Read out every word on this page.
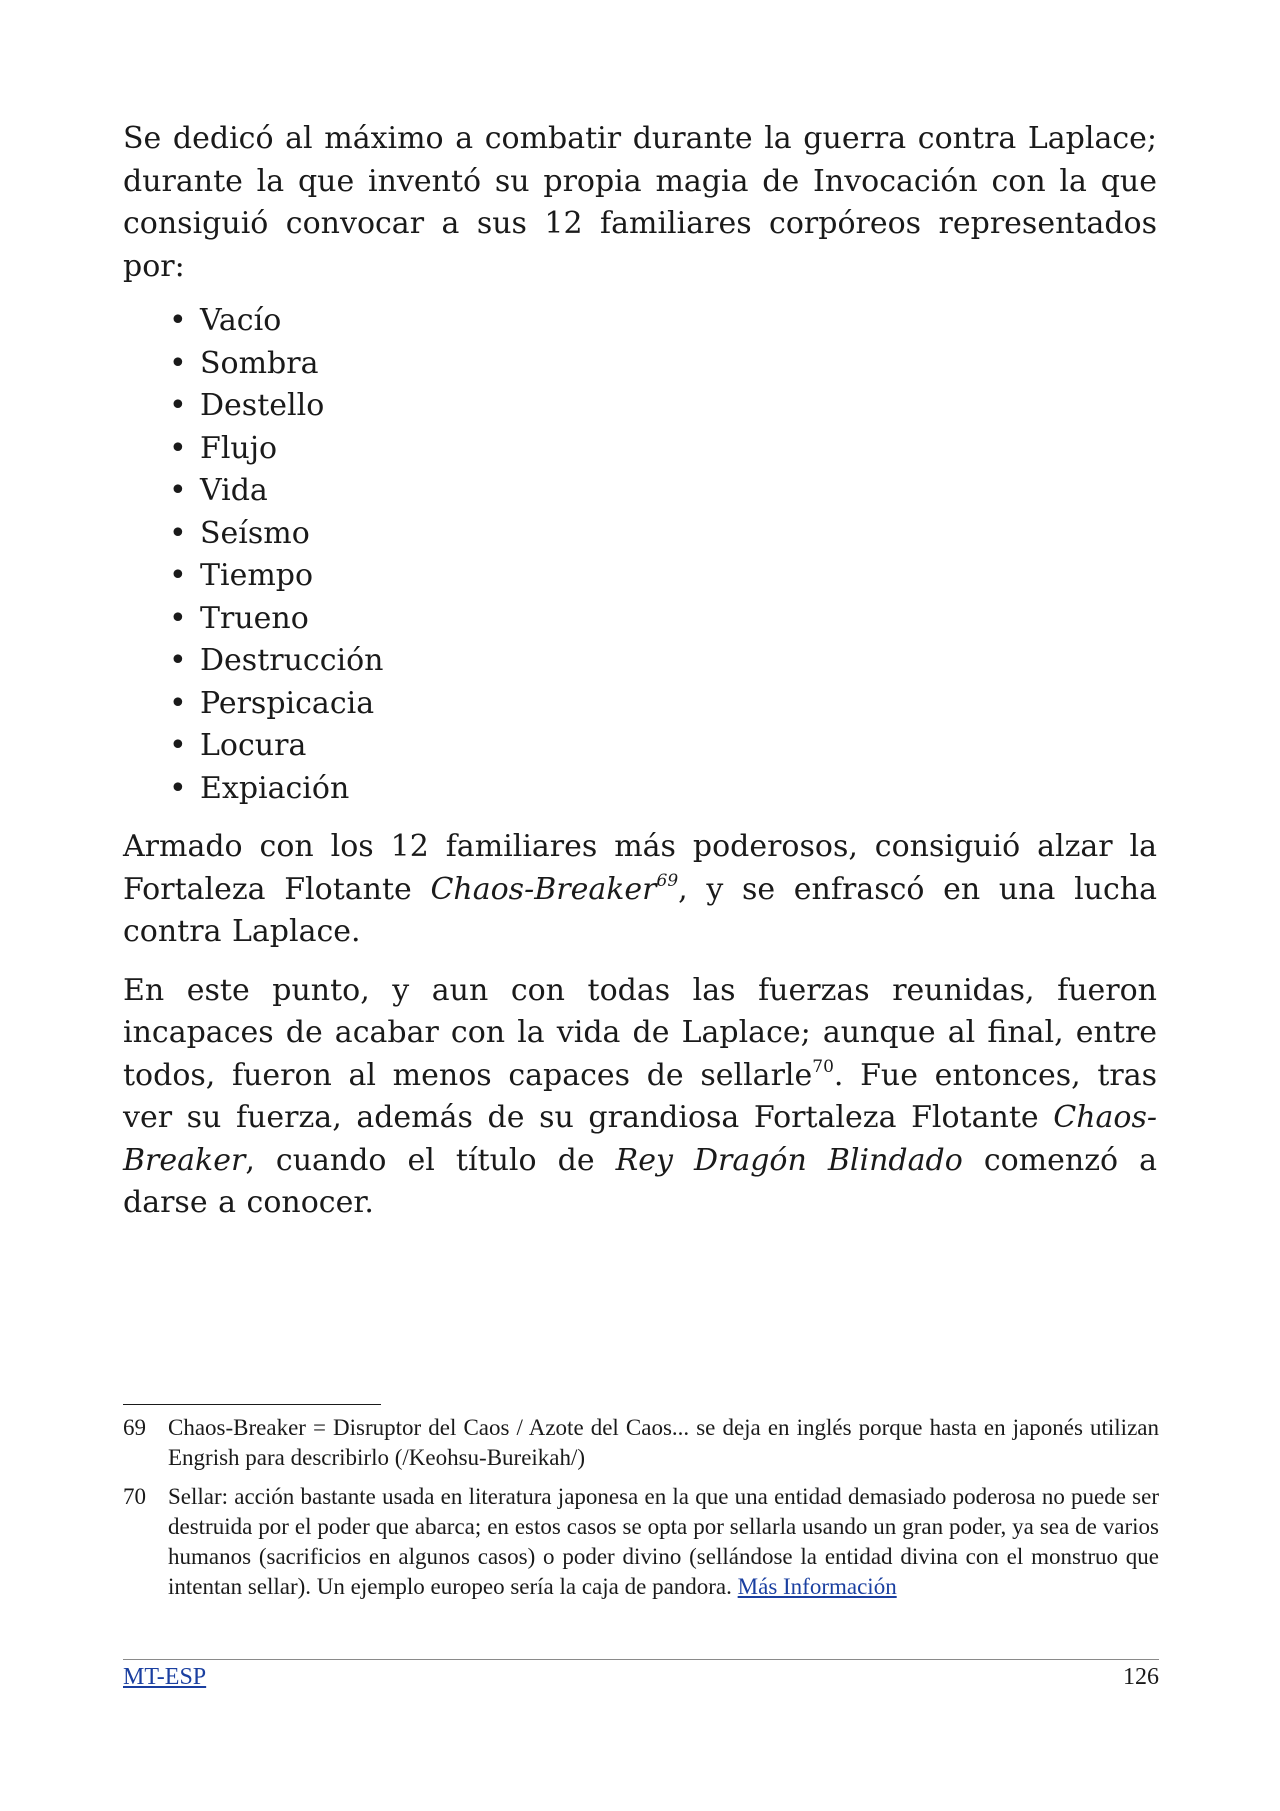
Se dedicó al máximo a combatir durante la guerra contra Laplace; durante la que inventó su propia magia de Invocación con la que consiguió convocar a sus 12 familiares corpóreos representados por:

• Vacío
• Sombra
• Destello
• Flujo
• Vida
• Seísmo
• Tiempo
• Trueno
• Destrucción
• Perspicacia
• Locura
• Expiación

Armado con los 12 familiares más poderosos, consiguió alzar la Fortaleza Flotante Chaos-Breaker$^{69}$, y se enfrascó en una lucha contra Laplace.

En este punto, y aun con todas las fuerzas reunidas, fueron incapaces de acabar con la vida de Laplace; aunque al final, entre todos, fueron al menos capaces de sellarle$^{70}$. Fue entonces, tras ver su fuerza, además de su grandiosa Fortaleza Flotante Chaos-Breaker, cuando el título de Rey Dragón Blindado comenzó a darse a conocer.

69 Chaos-Breaker = Disruptor del Caos / Azote del Caos... se deja en inglés porque hasta en japonés utilizan Engrish para describirlo (/Keohsu-Bureikah/)
70 Sellar: acción bastante usada en literatura japonesa en la que una entidad demasiado poderosa no puede ser destruida por el poder que abarca; en estos casos se opta por sellarla usando un gran poder, ya sea de varios humanos (sacrificios en algunos casos) o poder divino (sellándose la entidad divina con el monstruo que intentan sellar). Un ejemplo europeo sería la caja de pandora. Más Información
MT-ESP	126
